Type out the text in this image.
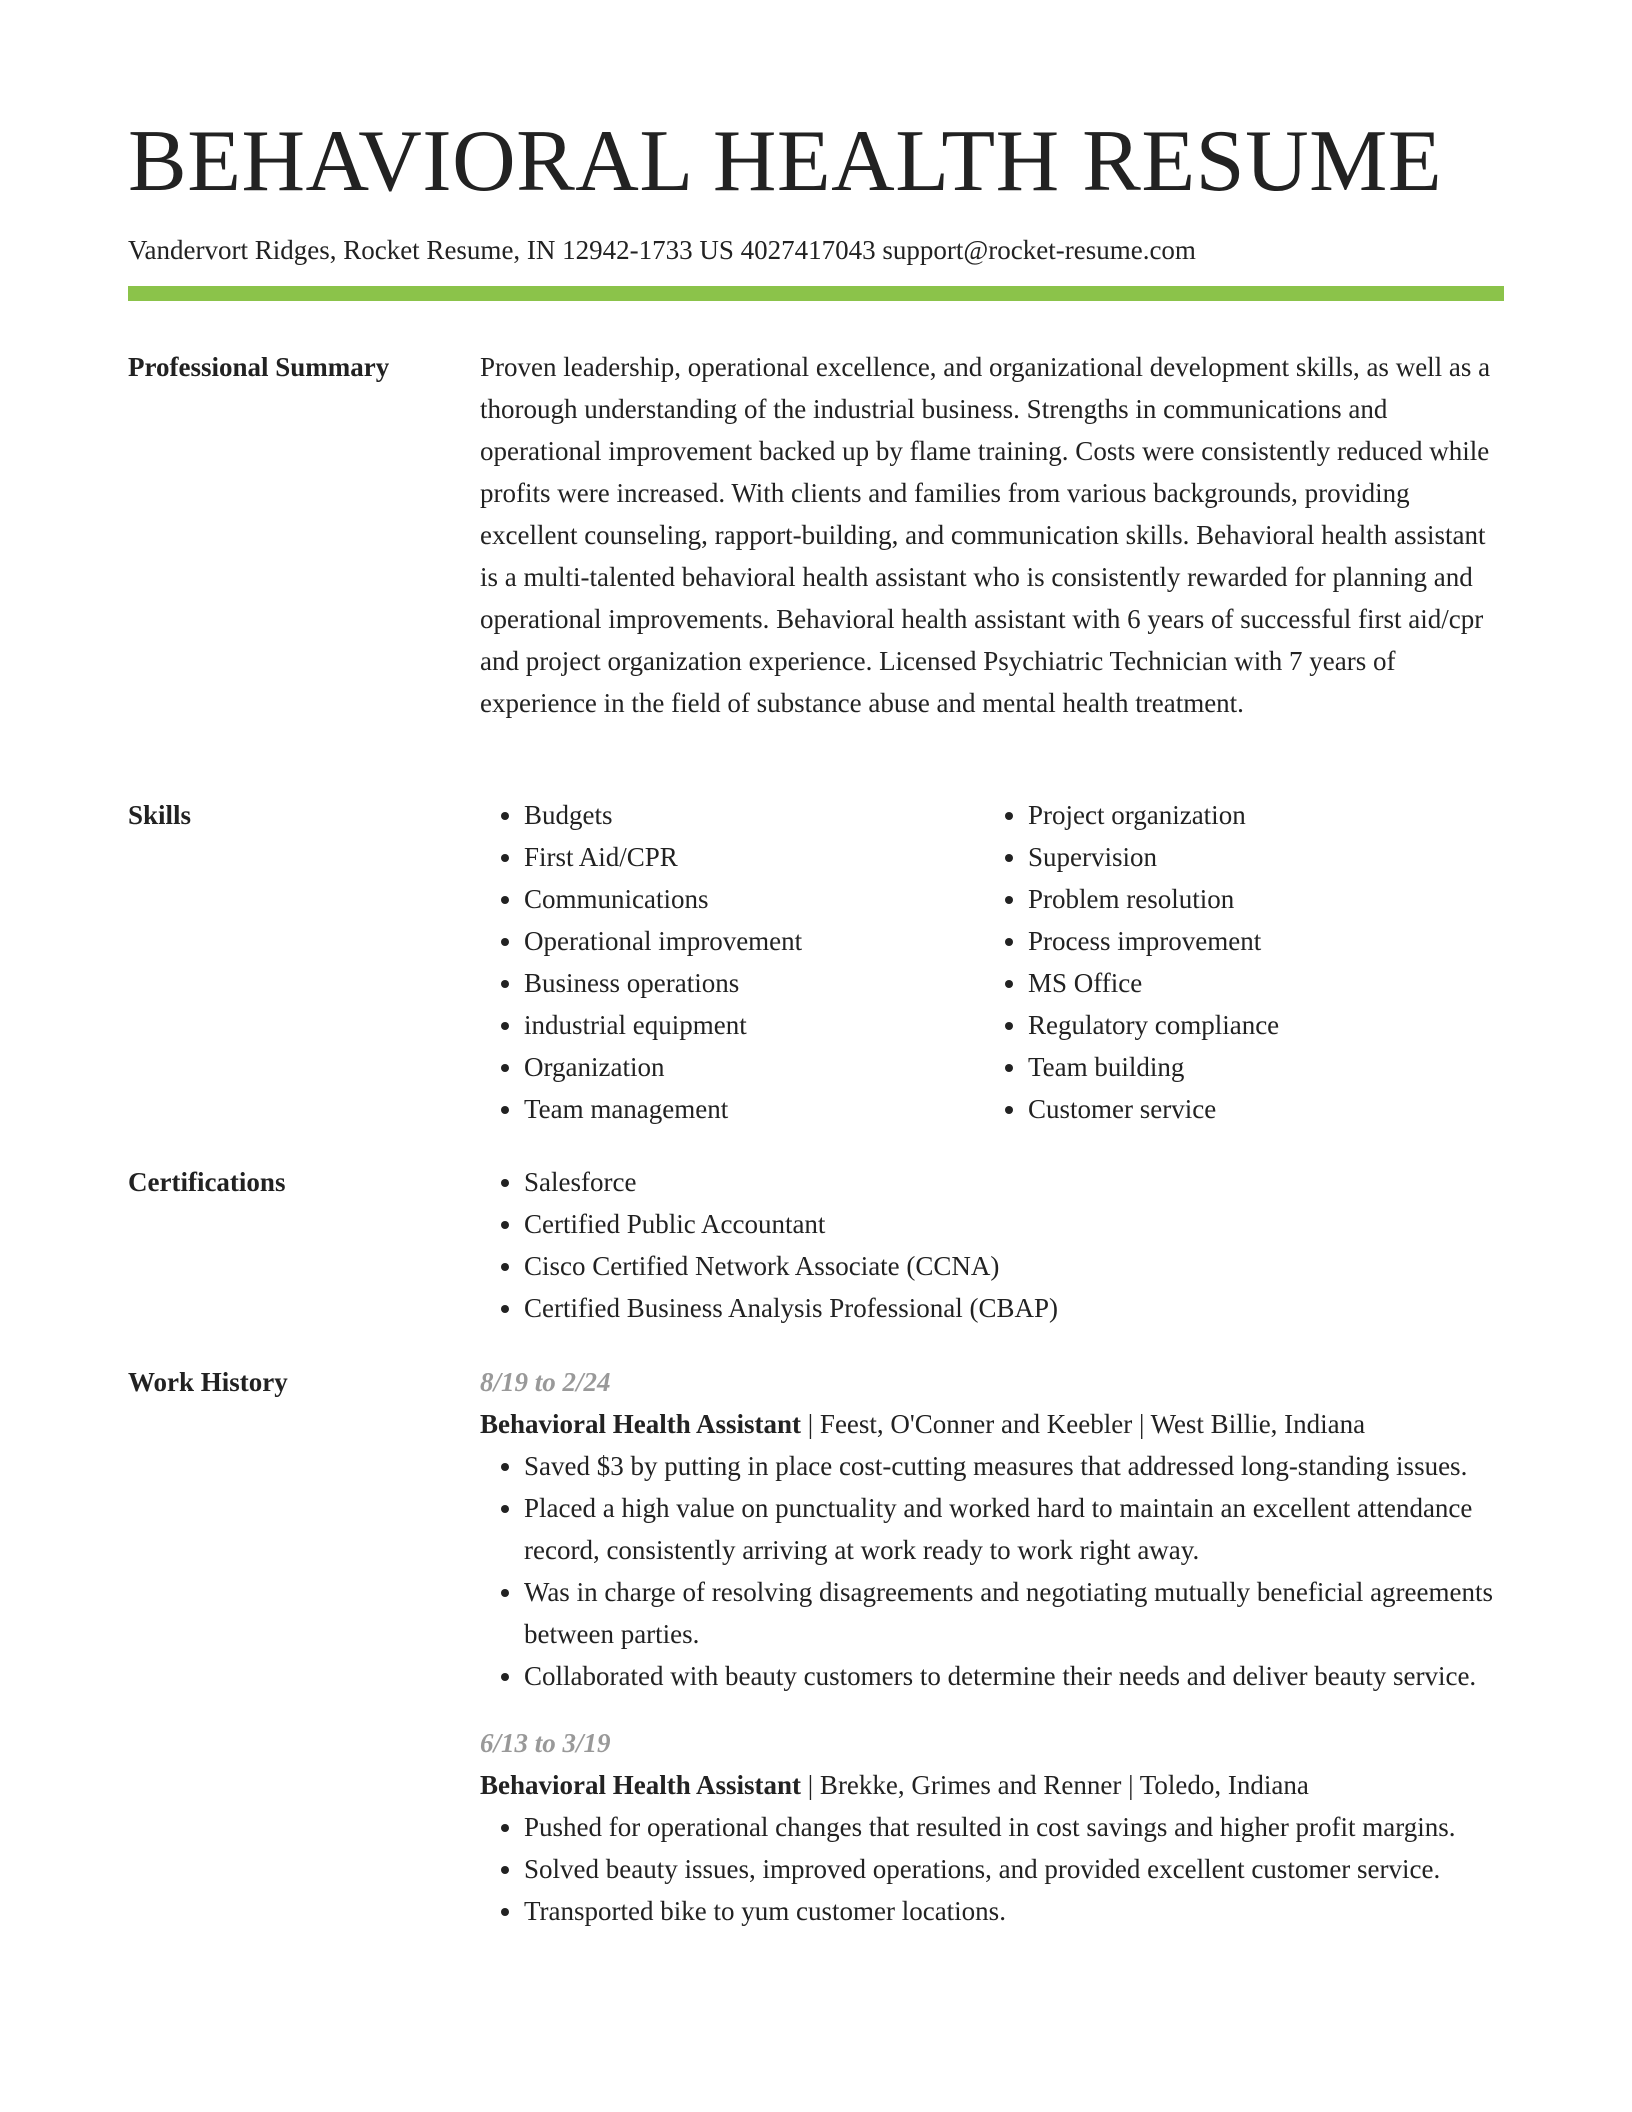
BEHAVIORAL HEALTH RESUME
Vandervort Ridges, Rocket Resume, IN 12942-1733 US 4027417043 support@rocket-resume.com
Professional Summary	Proven leadership, operational excellence, and organizational development skills, as well as a thorough understanding of the industrial business. Strengths in communications and operational improvement backed up by flame training. Costs were consistently reduced while profits were increased. With clients and families from various backgrounds, providing excellent counseling, rapport-building, and communication skills. Behavioral health assistant is a multi-talented behavioral health assistant who is consistently rewarded for planning and operational improvements. Behavioral health assistant with 6 years of successful first aid/cpr and project organization experience. Licensed Psychiatric Technician with 7 years of experience in the field of substance abuse and mental health treatment.

Skills	• Budgets
• First Aid/CPR
• Communications
• Operational improvement
• Business operations
• industrial equipment
• Organization
• Team management
• Project organization
• Supervision
• Problem resolution
• Process improvement
• MS Office
• Regulatory compliance
• Team building
• Customer service
Certifications	• Salesforce
• Certified Public Accountant
• Cisco Certified Network Associate (CCNA)
• Certified Business Analysis Professional (CBAP)
Work History	8/19 to 2/24
Behavioral Health Assistant | Feest, O'Conner and Keebler | West Billie, Indiana
• Saved $3 by putting in place cost-cutting measures that addressed long-standing issues.
• Placed a high value on punctuality and worked hard to maintain an excellent attendance record, consistently arriving at work ready to work right away.
• Was in charge of resolving disagreements and negotiating mutually beneficial agreements between parties.
• Collaborated with beauty customers to determine their needs and deliver beauty service.
6/13 to 3/19
Behavioral Health Assistant | Brekke, Grimes and Renner | Toledo, Indiana
• Pushed for operational changes that resulted in cost savings and higher profit margins.
• Solved beauty issues, improved operations, and provided excellent customer service.
• Transported bike to yum customer locations.
